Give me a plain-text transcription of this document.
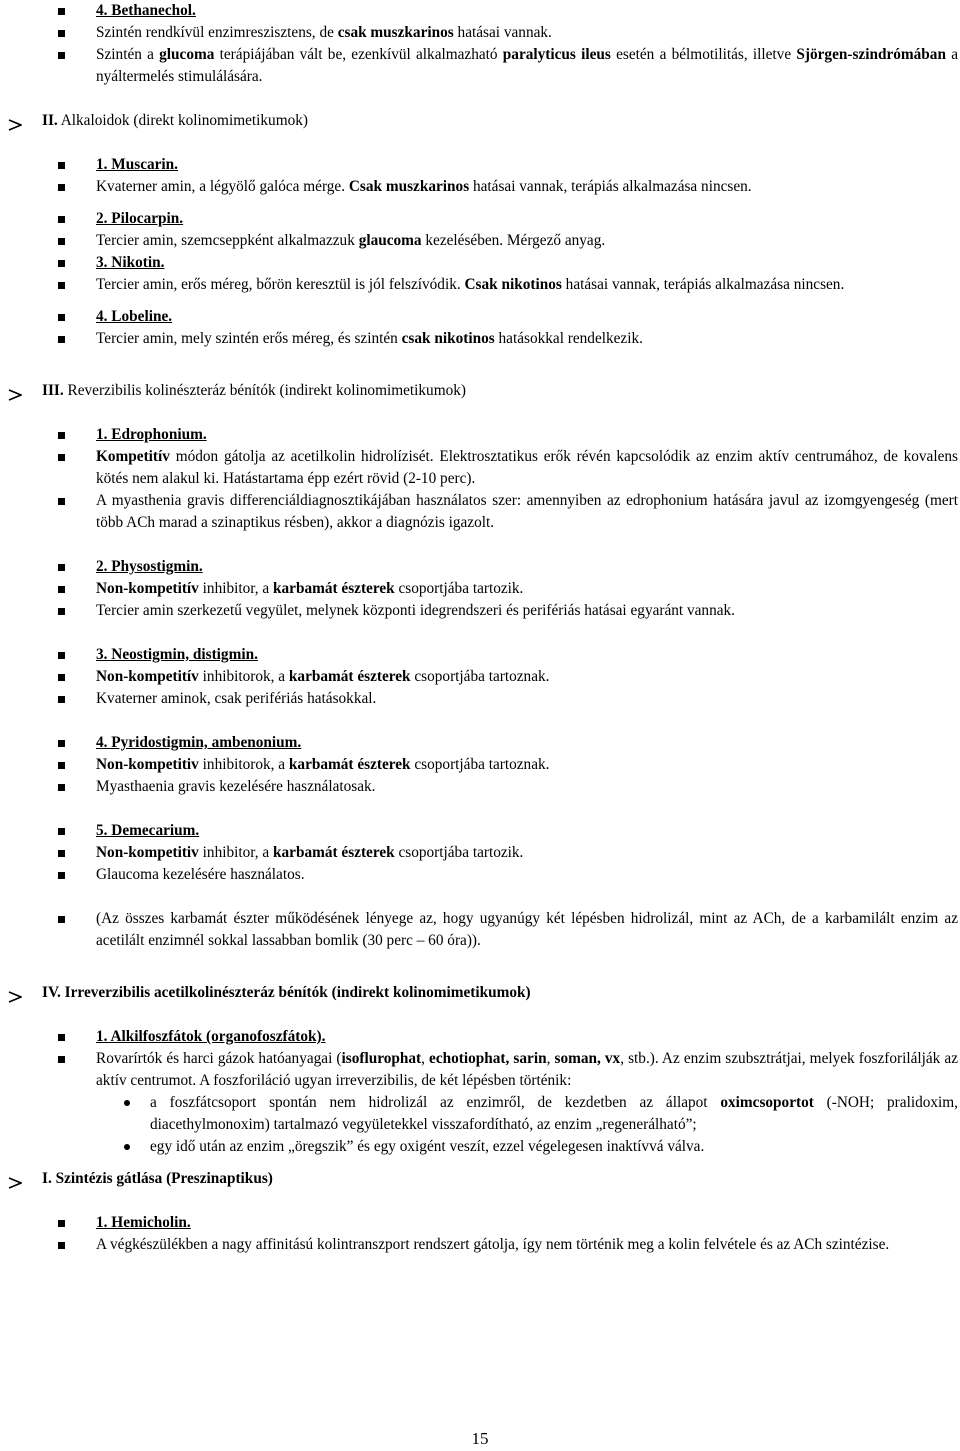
4. Bethanechol.
Szintén rendkívül enzimreszisztens, de csak muszkarinos hatásai vannak.
Szintén a glucoma terápiájában vált be, ezenkívül alkalmazható paralyticus ileus esetén a bélmotilitás, illetve Sjörgen-szindrómában a nyáltermelés stimulálására.
II. Alkaloidok (direkt kolinomimetikumok)
1. Muscarin.
Kvaterner amin, a légyölő galóca mérge. Csak muszkarinos hatásai vannak, terápiás alkalmazása nincsen.
2. Pilocarpin.
Tercier amin, szemcseppként alkalmazzuk glaucoma kezelésében. Mérgező anyag.
3. Nikotin.
Tercier amin, erős méreg, bőrön keresztül is jól felszívódik. Csak nikotinos hatásai vannak, terápiás alkalmazása nincsen.
4. Lobeline.
Tercier amin, mely szintén erős méreg, és szintén csak nikotinos hatásokkal rendelkezik.
III. Reverzibilis kolinészteráz bénítók (indirekt kolinomimetikumok)
1. Edrophonium.
Kompetitív módon gátolja az acetilkolin hidrolízisét. Elektrosztatikus erők révén kapcsolódik az enzim aktív centrumához, de kovalens kötés nem alakul ki. Hatástartama épp ezért rövid (2-10 perc).
A myasthenia gravis differenciáldiagnosztikájában használatos szer: amennyiben az edrophonium hatására javul az izomgyengeség (mert több ACh marad a szinaptikus résben), akkor a diagnózis igazolt.
2. Physostigmin.
Non-kompetitív inhibitor, a karbamát észterek csoportjába tartozik.
Tercier amin szerkezetű vegyület, melynek központi idegrendszeri és perifériás hatásai egyaránt vannak.
3. Neostigmin, distigmin.
Non-kompetitív inhibitorok, a karbamát észterek csoportjába tartoznak.
Kvaterner aminok, csak perifériás hatásokkal.
4. Pyridostigmin, ambenonium.
Non-kompetitiv inhibitorok, a karbamát észterek csoportjába tartoznak.
Myasthaenia gravis kezelésére használatosak.
5. Demecarium.
Non-kompetitiv inhibitor, a karbamát észterek csoportjába tartozik.
Glaucoma kezelésére használatos.
(Az összes karbamát észter működésének lényege az, hogy ugyanúgy két lépésben hidrolizál, mint az ACh, de a karbamilált enzim az acetilált enzimnél sokkal lassabban bomlik (30 perc – 60 óra)).
IV. Irreverzibilis acetilkolinészteráz bénítók (indirekt kolinomimetikumok)
1. Alkilfoszfátok (organofoszfátok).
Rovarírtók és harci gázok hatóanyagai (isoflurophat, echotiophat, sarin, soman, vx, stb.). Az enzim szubsztrátjai, melyek foszforilálják az aktív centrumot. A foszforiláció ugyan irreverzibilis, de két lépésben történik:
a foszfátcsoport spontán nem hidrolizál az enzimről, de kezdetben az állapot oximcsoportot (-NOH; pralidoxim, diacethylmonoxim) tartalmazó vegyületekkel visszafordítható, az enzim „regenerálható”;
egy idő után az enzim „öregszik” és egy oxigént veszít, ezzel végelegesen inaktívvá válva.
I. Szintézis gátlása (Preszinaptikus)
1. Hemicholin.
A végkészülékben a nagy affinitású kolintranszport rendszert gátolja, így nem történik meg a kolin felvétele és az ACh szintézise.
15
